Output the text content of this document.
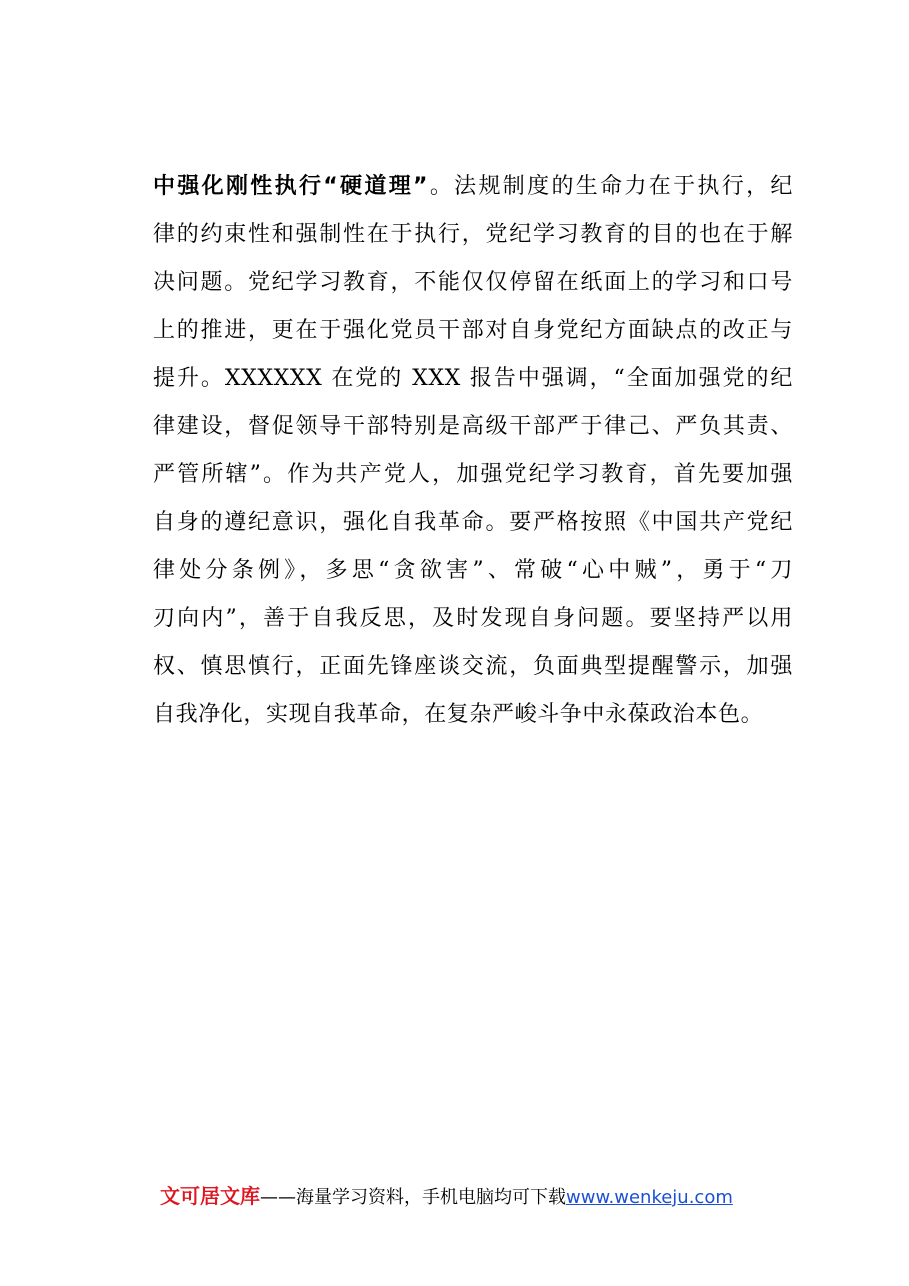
中强化刚性执行“硬道理”。法规制度的生命力在于执行，纪
律的约束性和强制性在于执行，党纪学习教育的目的也在于解
决问题。党纪学习教育，不能仅仅停留在纸面上的学习和口号
上的推进，更在于强化党员干部对自身党纪方面缺点的改正与
提升。XXXXXX 在党的 XXX 报告中强调，“全面加强党的纪
律建设，督促领导干部特别是高级干部严于律己、严负其责、
严管所辖”。作为共产党人，加强党纪学习教育，首先要加强
自身的遵纪意识，强化自我革命。要严格按照《中国共产党纪
律处分条例》，多思“贪欲害”、常破“心中贼”，勇于“刀
刃向内”，善于自我反思，及时发现自身问题。要坚持严以用
权、慎思慎行，正面先锋座谈交流，负面典型提醒警示，加强
自我净化，实现自我革命，在复杂严峻斗争中永葆政治本色。
文可居文库——海量学习资料，手机电脑均可下载www.wenkeju.com
